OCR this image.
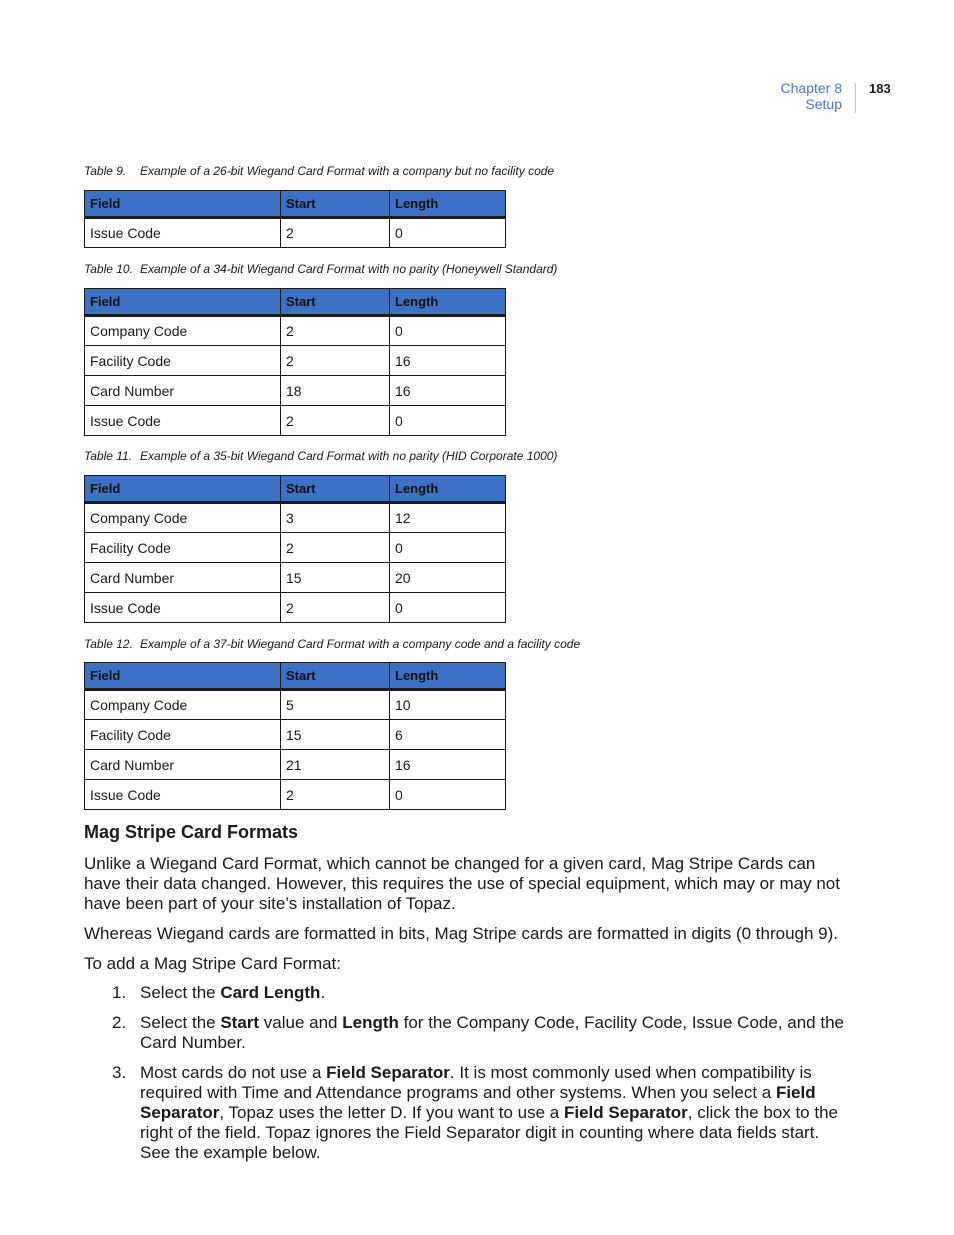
Chapter 8
Setup
183
Table 9. Example of a 26-bit Wiegand Card Format with a company but no facility code
Field	Start	Length
Issue Code	2	0
Table 10. Example of a 34-bit Wiegand Card Format with no parity (Honeywell Standard)
Field	Start	Length
Company Code	2	0
Facility Code	2	16
Card Number	18	16
Issue Code	2	0
Table 11. Example of a 35-bit Wiegand Card Format with no parity (HID Corporate 1000)
Field	Start	Length
Company Code	3	12
Facility Code	2	0
Card Number	15	20
Issue Code	2	0
Table 12. Example of a 37-bit Wiegand Card Format with a company code and a facility code
Field	Start	Length
Company Code	5	10
Facility Code	15	6
Card Number	21	16
Issue Code	2	0
Mag Stripe Card Formats

Unlike a Wiegand Card Format, which cannot be changed for a given card, Mag Stripe Cards can have their data changed. However, this requires the use of special equipment, which may or may not have been part of your site’s installation of Topaz.

Whereas Wiegand cards are formatted in bits, Mag Stripe cards are formatted in digits (0 through 9).

To add a Mag Stripe Card Format:

1. Select the Card Length.
2. Select the Start value and Length for the Company Code, Facility Code, Issue Code, and the Card Number.
3. Most cards do not use a Field Separator. It is most commonly used when compatibility is required with Time and Attendance programs and other systems. When you select a Field Separator, Topaz uses the letter D. If you want to use a Field Separator, click the box to the right of the field. Topaz ignores the Field Separator digit in counting where data fields start. See the example below.
